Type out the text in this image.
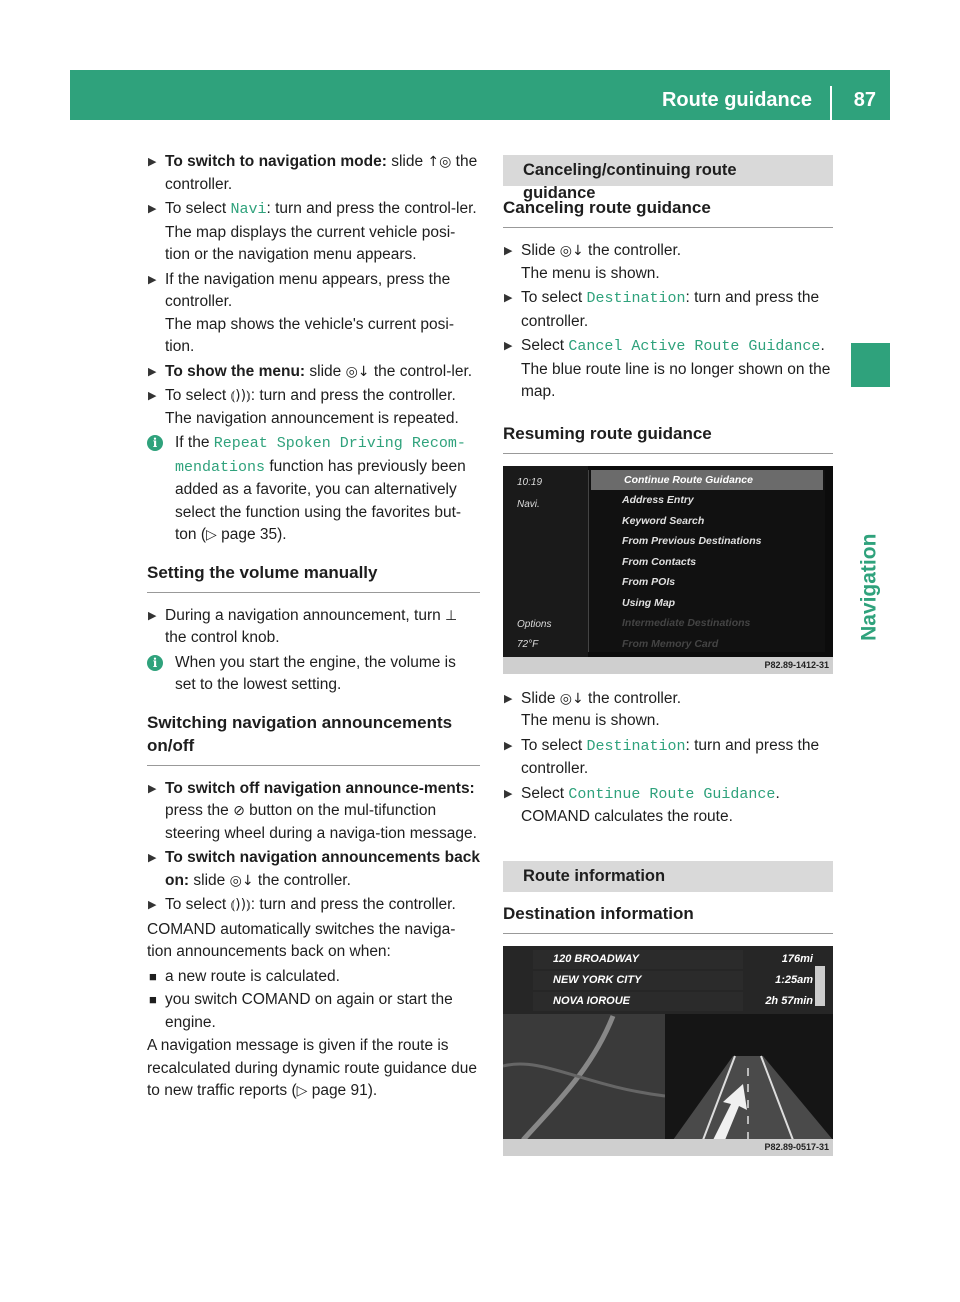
Route guidance 87
Navigation
▶ To switch to navigation mode: slide ↑◎ the controller.
▶ To select Navi: turn and press the control-ler.
The map displays the current vehicle posi-tion or the navigation menu appears.
▶ If the navigation menu appears, press the controller.
The map shows the vehicle's current posi-tion.
▶ To show the menu: slide ◎↓ the control-ler.
▶ To select ⦅))⦆: turn and press the controller.
The navigation announcement is repeated.
i	If the Repeat Spoken Driving Recom-mendations function has previously been added as a favorite, you can alternatively select the function using the favorites but-ton (▷ page 35).
Setting the volume manually
▶ During a navigation announcement, turn ⊥ the control knob.
i	When you start the engine, the volume is set to the lowest setting.
Switching navigation announcements on/off
▶ To switch off navigation announce-ments: press the ⊘ button on the mul-tifunction steering wheel during a naviga-tion message.
▶ To switch navigation announcements back on: slide ◎↓ the controller.
▶ To select ⦅))⦆: turn and press the controller.
COMAND automatically switches the naviga-tion announcements back on when:
■ a new route is calculated.
■ you switch COMAND on again or start the engine.
A navigation message is given if the route is recalculated during dynamic route guidance due to new traffic reports (▷ page 91).
Canceling/continuing route guidance
Canceling route guidance
▶ Slide ◎↓ the controller.
The menu is shown.
▶ To select Destination: turn and press the controller.
▶ Select Cancel Active Route Guidance.
The blue route line is no longer shown on the map.
Resuming route guidance
10:19
Navi.
Options
72°F
Continue Route Guidance
Address Entry
Keyword Search
From Previous Destinations
From Contacts
From POIs
Using Map
Intermediate Destinations
From Memory Card
P82.89-1412-31
▶ Slide ◎↓ the controller.
The menu is shown.
▶ To select Destination: turn and press the controller.
▶ Select Continue Route Guidance.
COMAND calculates the route.
Route information
Destination information
120 BROADWAY
NEW YORK CITY
NOVA IOROUE
176mi
1:25am
2h 57min
P82.89-0517-31
